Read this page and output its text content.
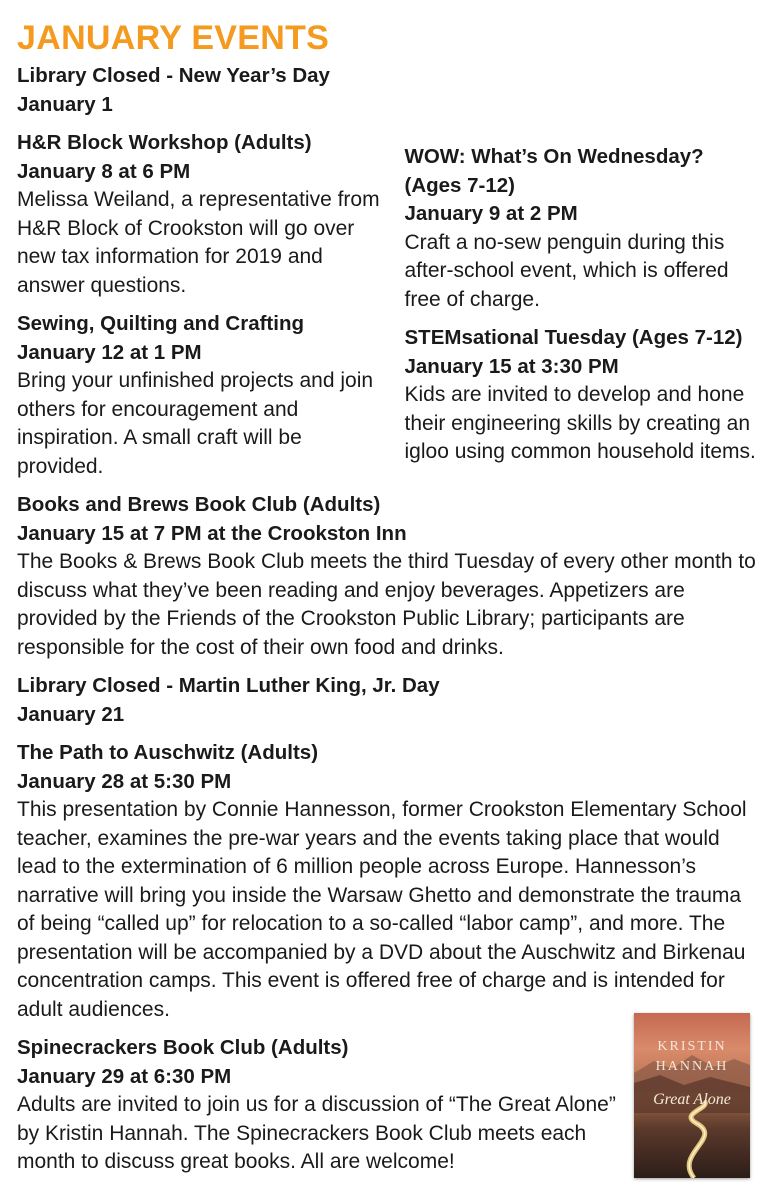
JANUARY EVENTS
Library Closed - New Year’s Day
January 1
H&R Block Workshop (Adults)
January 8 at 6 PM
Melissa Weiland, a representative from H&R Block of Crookston will go over new tax information for 2019 and answer questions.
Sewing, Quilting and Crafting
January 12 at 1 PM
Bring your unfinished projects and join others for encouragement and inspiration. A small craft will be provided.
WOW: What’s On Wednesday? (Ages 7-12)
January 9 at 2 PM
Craft a no-sew penguin during this after-school event, which is offered free of charge.
STEMsational Tuesday (Ages 7-12)
January 15 at 3:30 PM
Kids are invited to develop and hone their engineering skills by creating an igloo using common household items.
Books and Brews Book Club (Adults)
January 15 at 7 PM at the Crookston Inn
The Books & Brews Book Club meets the third Tuesday of every other month to discuss what they’ve been reading and enjoy beverages. Appetizers are provided by the Friends of the Crookston Public Library; participants are responsible for the cost of their own food and drinks.
Library Closed - Martin Luther King, Jr. Day
January 21
The Path to Auschwitz (Adults)
January 28 at 5:30 PM
This presentation by Connie Hannesson, former Crookston Elementary School teacher, examines the pre-war years and the events taking place that would lead to the extermination of 6 million people across Europe. Hannesson’s narrative will bring you inside the Warsaw Ghetto and demonstrate the trauma of being “called up” for relocation to a so-called “labor camp”, and more. The presentation will be accompanied by a DVD about the Auschwitz and Birkenau concentration camps. This event is offered free of charge and is intended for adult audiences.
Spinecrackers Book Club (Adults)
January 29 at 6:30 PM
Adults are invited to join us for a discussion of “The Great Alone” by Kristin Hannah. The Spinecrackers Book Club meets each month to discuss great books. All are welcome!
KRISTIN
HANNAH
Great Alone
